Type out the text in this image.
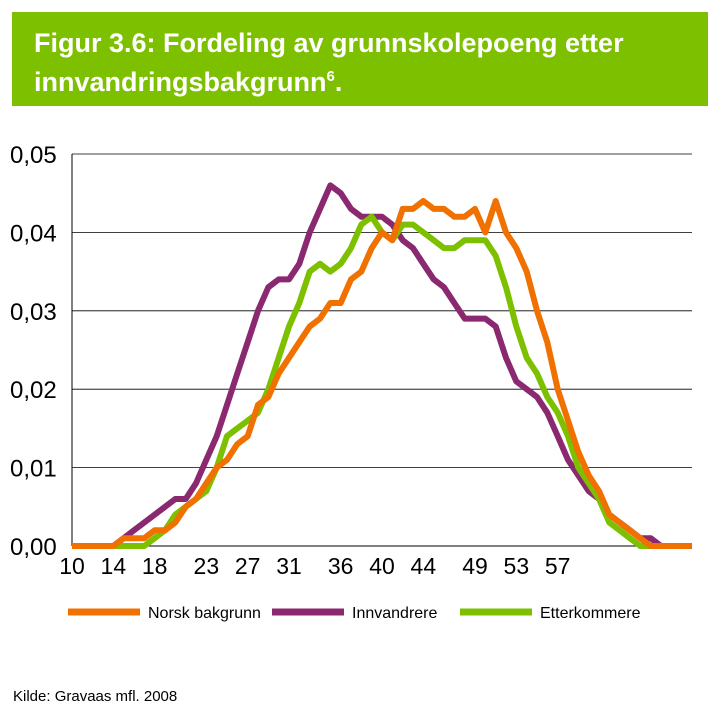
Figur 3.6: Fordeling av grunnskolepoeng etter innvandringsbakgrunn$^6$.
0,00
0,01
0,02
0,03
0,04
0,05
10 14 18 23 27 31 36 40 44 49 53 57
Norsk bakgrunn	Innvandrere	Etterkommere
Kilde: Gravaas mfl. 2008
